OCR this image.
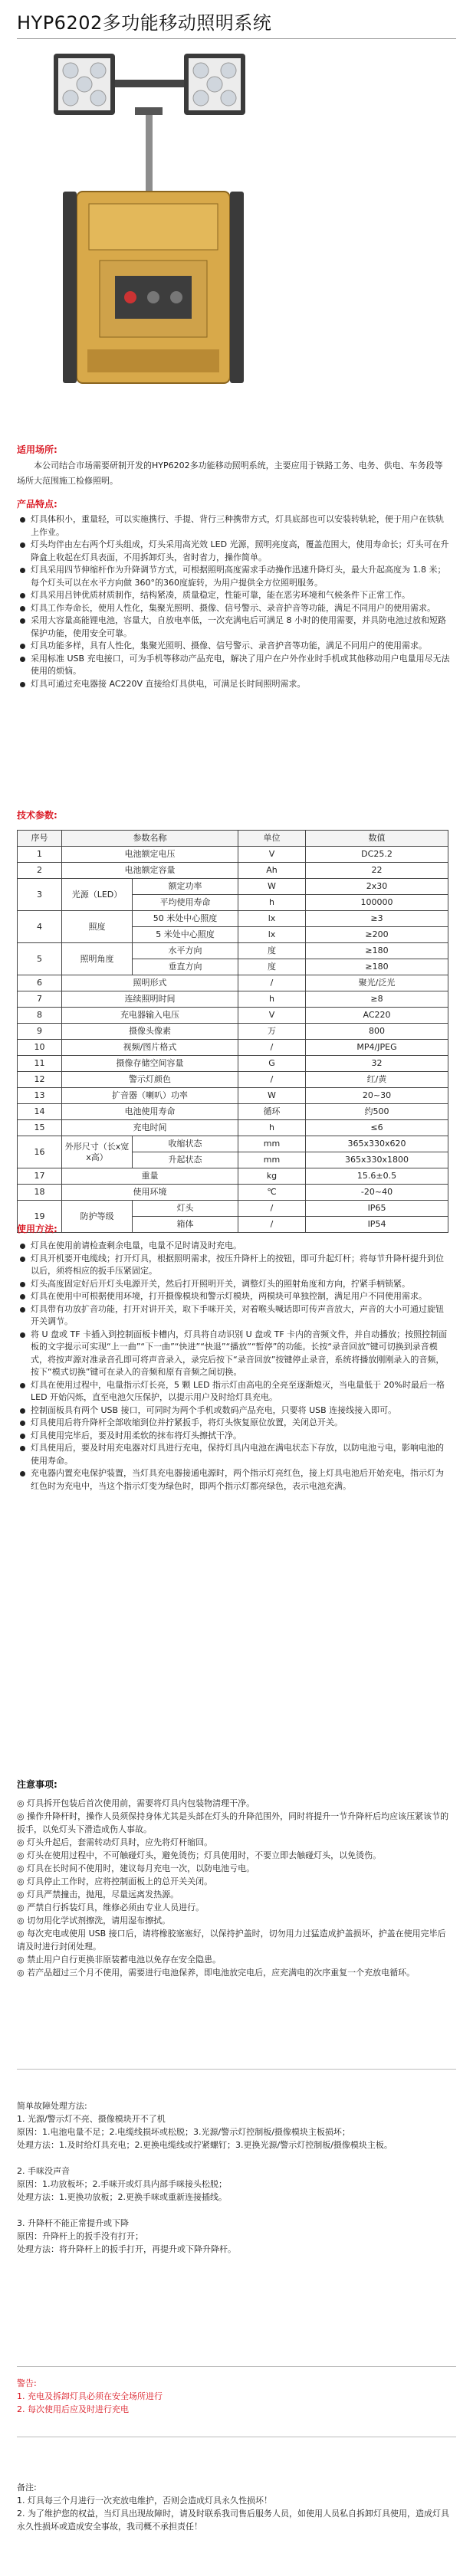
HYP6202多功能移动照明系统
适用场所:
本公司结合市场需要研制开发的HYP6202多功能移动照明系统，主要应用于铁路工务、电务、供电、车务段等场所大范围施工检修照明。
产品特点:
灯具体积小，重量轻，可以实施携行、手提、背行三种携带方式，灯具底部也可以安装转轨轮，便于用户在铁轨上作业。
灯头均伴由左右两个灯头组成，灯头采用高光效 LED 光源，照明亮度高，覆盖范围大，使用寿命长；灯头可在升降盒上收起在灯具表面，不用拆卸灯头，省时省力，操作简单。
灯具采用四节伸缩杆作为升降调节方式，可根据照明高度需求手动操作迅速升降灯头，最大升起高度为 1.8 米；每个灯头可以在水平方向做 360°的360度旋转，为用户提供全方位照明服务。
灯具采用吕钟优质材质制作，结构紧凑，质量稳定，性能可靠，能在恶劣环境和气候条件下正常工作。
灯具工作寿命长，使用人性化，集聚光照明、摄像、信号警示、录音护音等功能，满足不同用户的使用需求。
采用大容量高能锂电池，容量大，自放电率低，一次充满电后可满足 8 小时的使用需要，并具防电池过放和短路保护功能，使用安全可靠。
灯具功能多样，具有人性化，集聚光照明、摄像、信号警示、录音护音等功能，满足不同用户的使用需求。
采用标准 USB 充电接口，可为手机等移动产品充电，解决了用户在户外作业时手机或其他移动用户电量用尽无法使用的烦恼。
灯具可通过充电器接 AC220V 直接给灯具供电，可满足长时间照明需求。
技术参数:
序号	参数名称		单位	数值
1	电池额定电压		V	DC25.2
2	电池额定容量		Ah	22
3	光源（LED）	额定功率	W	2x30
		平均使用寿命	h	100000
4	照度	50 米处中心照度	lx	≥3
		5 米处中心照度	lx	≥200
5	照明角度	水平方向	度	≥180
		垂直方向	度	≥180
6	照明形式		/	聚光/泛光
7	连续照明时间		h	≥8
8	充电器输入电压		V	AC220
9	摄像头像素		万	800
10	视频/图片格式		/	MP4/JPEG
11	摄像存储空间容量		G	32
12	警示灯颜色		/	红/黄
13	扩音器（喇叭）功率		W	20~30
14	电池使用寿命		循环	约500
15	充电时间		h	≤6
16	外形尺寸（长x宽x高）	收缩状态	mm	365x330x620
		升起状态	mm	365x330x1800
17	重量		kg	15.6±0.5
18	使用环境		℃	-20~40
19	防护等级	灯头	/	IP65
		箱体	/	IP54
使用方法:
灯具在使用前请检查剩余电量，电量不足时请及时充电。
灯具开机要开电缆线；打开灯具，根据照明需求，按压升降杆上的按钮，即可升起灯杆；将每节升降杆提升到位以后，须将相应的扳手压紧固定。
灯头高度固定好后开灯头电源开关，然后打开照明开关，调整灯头的照射角度和方向，拧紧手柄锁紧。
灯具在使用中可根据使用环境，打开摄像模块和警示灯模块，两模块可单独控制，满足用户不同使用需求。
灯具带有功放扩音功能，打开对讲开关，取下手咪开关，对着喉头喊话即可传声音放大，声音的大小可通过旋钮开关调节。
将 U 盘或 TF 卡插入到控制面板卡槽内，灯具将自动识别 U 盘或 TF 卡内的音频文件，并自动播放；按照控制面板的文字提示可实现“上一曲”“下一曲”“快进”“快退”“播放”“暂停”的功能。长按“录音回放”键可切换到录音模式，将按声源对准录音孔即可将声音录入，录完后按下“录音回放”按键停止录音，系统将播放刚刚录入的音频，按下“模式切换”键可在录入的音频和原有音频之间切换。
灯具在使用过程中，电量指示灯长亮，5 颗 LED 指示灯由高电的全亮至逐渐熄灭，当电量低于 20%时最后一格 LED 开始闪烁，直至电池欠压保护，以提示用户及时给灯具充电。
控制面板具有两个 USB 接口，可同时为两个手机或数码产品充电，只要将 USB 连接线接入即可。
灯具使用后将升降杆全部收缩到位并拧紧扳手，将灯头恢复原位放置，关闭总开关。
灯具使用完毕后，要及时用柔软的抹布将灯头擦拭干净。
灯具使用后，要及时用充电器对灯具进行充电，保持灯具内电池在满电状态下存放，以防电池亏电，影响电池的使用寿命。
充电器内置充电保护装置，当灯具充电器接通电源时，两个指示灯亮红色，接上灯具电池后开始充电，指示灯为红色时为充电中，当这个指示灯变为绿色时，即两个指示灯都亮绿色，表示电池充满。
注意事项:
◎ 灯具拆开包装后首次使用前，需要将灯具内包装物清理干净。
◎ 操作升降杆时，操作人员须保持身体尤其是头部在灯头的升降范围外，同时将提升一节升降杆后均应该压紧该节的扳手，以免灯头下滑造成伤人事故。
◎ 灯头升起后，套需转动灯具时，应先将灯杆缩回。
◎ 灯头在使用过程中，不可触碰灯头，避免烫伤；灯具使用时，不要立即去触碰灯头，以免烫伤。
◎ 灯具在长时间不使用时，建议每月充电一次，以防电池亏电。
◎ 灯具停止工作时，应将控制面板上的总开关关闭。
◎ 灯具严禁撞击，抛甩，尽量远离发热源。
◎ 严禁自行拆装灯具，维修必须由专业人员进行。
◎ 切勿用化学试剂擦洗，请用湿布擦拭。
◎ 每次充电或使用 USB 接口后，请将橡胶塞塞好，以保持护盖时，切勿用力过猛造成护盖损坏，护盖在使用完毕后请及时进行封闭处理。
◎ 禁止用户自行更换非原装蓄电池以免存在安全隐患。
◎ 若产品超过三个月不使用，需要进行电池保养，即电池放完电后，应充满电的次序重复一个充放电循环。
简单故障处理方法:
1. 光源/警示灯不亮、摄像模块开不了机
原因：1.电池电量不足；2.电缆线损坏或松脱；3.光源/警示灯控制板/摄像模块主板损坏；
处理方法：1.及时给灯具充电；2.更换电缆线或拧紧螺钉；3.更换光源/警示灯控制板/摄像模块主板。
2. 手咪没声音
原因：1.功放板坏；2.手咪开或灯具内部手咪接头松脱；
处理方法：1.更换功放板；2.更换手咪或重新连接插线。
3. 升降杆不能正常提升或下降
原因：升降杆上的扳手没有打开；
处理方法：将升降杆上的扳手打开，再提升或下降升降杆。
警告:
1. 充电及拆卸灯具必须在安全场所进行
2. 每次使用后应及时进行充电
备注:
1. 灯具每三个月进行一次充放电维护，否则会造成灯具永久性损坏！
2. 为了维护您的权益，当灯具出现故障时，请及时联系我司售后服务人员，如使用人员私自拆卸灯具使用，造成灯具永久性损坏或造成安全事故，我司概不承担责任！
